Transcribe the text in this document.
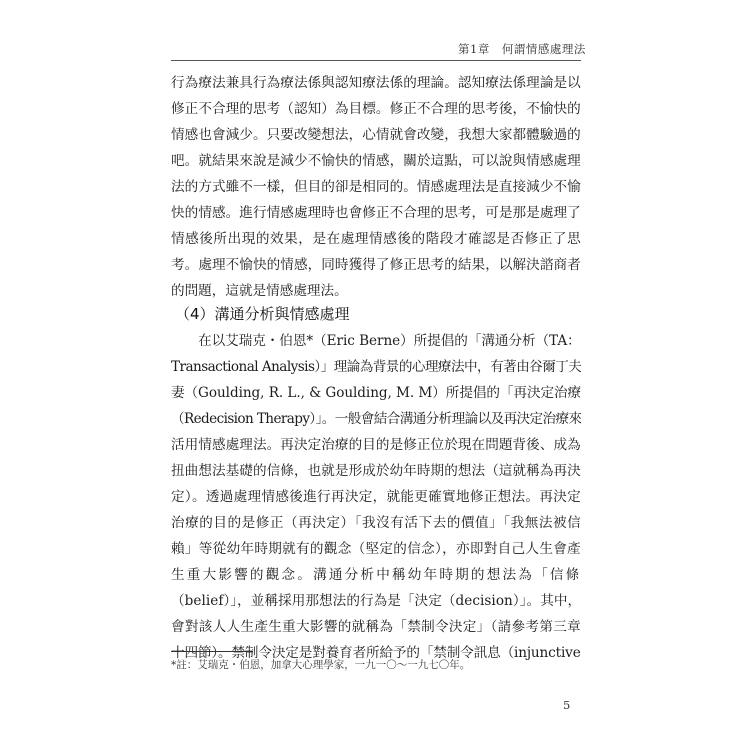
第1章　何謂情感處理法
行為療法兼具行為療法係與認知療法係的理論。認知療法係理論是以
修正不合理的思考（認知）為目標。修正不合理的思考後，不愉快的
情感也會減少。只要改變想法，心情就會改變，我想大家都體驗過的
吧。就結果來說是減少不愉快的情感，關於這點，可以說與情感處理
法的方式雖不一樣，但目的卻是相同的。情感處理法是直接減少不愉
快的情感。進行情感處理時也會修正不合理的思考，可是那是處理了
情感後所出現的效果，是在處理情感後的階段才確認是否修正了思
考。處理不愉快的情感，同時獲得了修正思考的結果，以解決諮商者
的問題，這就是情感處理法。
（4）溝通分析與情感處理
　　在以艾瑞克・伯恩*（Eric Berne）所提倡的「溝通分析（TA：
Transactional Analysis）」理論為背景的心理療法中，有著由谷爾丁夫
妻（Goulding, R. L., & Goulding, M. M）所提倡的「再決定治療
（Redecision Therapy）」。一般會結合溝通分析理論以及再決定治療來
活用情感處理法。再決定治療的目的是修正位於現在問題背後、成為
扭曲想法基礎的信條，也就是形成於幼年時期的想法（這就稱為再決
定）。透過處理情感後進行再決定，就能更確實地修正想法。再決定
治療的目的是修正（再決定）「我沒有活下去的價值」「我無法被信
賴」等從幼年時期就有的觀念（堅定的信念），亦即對自己人生會產
生重大影響的觀念。溝通分析中稱幼年時期的想法為「信條
（belief）」，並稱採用那想法的行為是「決定（decision）」。其中，
會對該人人生產生重大影響的就稱為「禁制令決定」（請參考第三章
十四節）。禁制令決定是對養育者所給予的「禁制令訊息（injunctive

*註：艾瑞克・伯恩，加拿大心理學家，一九一〇～一九七〇年。

5
